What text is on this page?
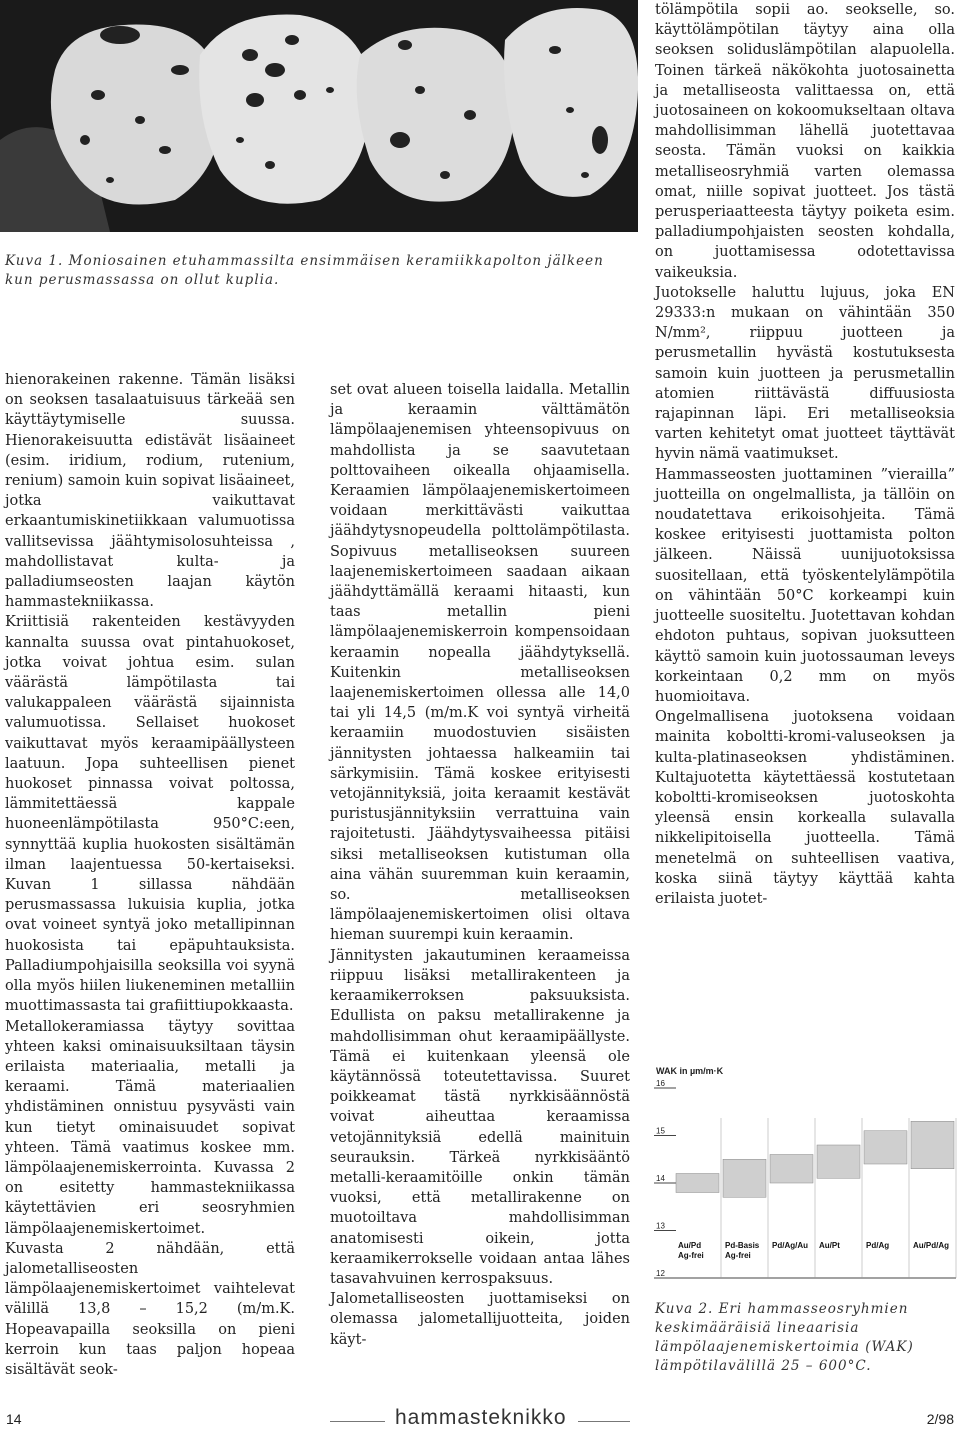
Kuva 1. Moniosainen etuhammassilta ensimmäisen keramiikkapolton jälkeen kun perusmassassa on ollut kuplia.

hienorakeinen rakenne. Tämän lisäksi on seoksen tasalaatuisuus tärkeää sen käyttäytymiselle suussa. Hienorakeisuutta edistävät lisäaineet (esim. iridium, rodium, rutenium, renium) samoin kuin sopivat lisäaineet, jotka vaikuttavat erkaantumiskinetiikkaan valumuotissa vallitsevissa jäähtymisolosuhteissa , mahdollistavat kulta- ja palladiumseosten laajan käytön hammastekniikassa.

Kriittisiä rakenteiden kestävyyden kannalta suussa ovat pintahuokoset, jotka voivat johtua esim. sulan väärästä lämpötilasta tai valukappaleen väärästä sijainnista valumuotissa. Sellaiset huokoset vaikuttavat myös keraamipäällysteen laatuun. Jopa suhteellisen pienet huokoset pinnassa voivat poltossa, lämmitettäessä kappale huoneenlämpötilasta 950°C:een, synnyttää kuplia huokosten sisältämän ilman laajentuessa 50-kertaiseksi. Kuvan 1 sillassa nähdään perusmassassa lukuisia kuplia, jotka ovat voineet syntyä joko metallipinnan huokosista tai epäpuhtauksista. Palladiumpohjaisilla seoksilla voi syynä olla myös hiilen liukeneminen metalliin muottimassasta tai grafiittiupokkaasta.

Metallokeramiassa täytyy sovittaa yhteen kaksi ominaisuuksiltaan täysin erilaista materiaalia, metalli ja keraami. Tämä materiaalien yhdistäminen onnistuu pysyvästi vain kun tietyt ominaisuudet sopivat yhteen. Tämä vaatimus koskee mm. lämpölaajenemiskerrointa. Kuvassa 2 on esitetty hammastekniikassa käytettävien eri seosryhmien lämpölaajenemiskertoimet.

Kuvasta 2 nähdään, että jalometalliseosten lämpölaajenemiskertoimet vaihtelevat välillä 13,8 – 15,2 (m/m.K. Hopeavapailla seoksilla on pieni kerroin kun taas paljon hopeaa sisältävät seok-

set ovat alueen toisella laidalla. Metallin ja keraamin välttämätön lämpölaajenemisen yhteensopivuus on mahdollista ja se saavutetaan polttovaiheen oikealla ohjaamisella. Keraamien lämpölaajenemiskertoimeen voidaan merkittävästi vaikuttaa jäähdytysnopeudella polttolämpötilasta. Sopivuus metalliseoksen suureen laajenemiskertoimeen saadaan aikaan jäähdyttämällä keraami hitaasti, kun taas metallin pieni lämpölaajenemiskerroin kompensoidaan keraamin nopealla jäähdytyksellä. Kuitenkin metalliseoksen laajenemiskertoimen ollessa alle 14,0 tai yli 14,5 (m/m.K voi syntyä virheitä keraamiin muodostuvien sisäisten jännitysten johtaessa halkeamiin tai särkymisiin. Tämä koskee erityisesti vetojännityksiä, joita keraamit kestävät puristusjännityksiin verrattuina vain rajoitetusti. Jäähdytysvaiheessa pitäisi siksi metalliseoksen kutistuman olla aina vähän suuremman kuin keraamin, so. metalliseoksen lämpölaajenemiskertoimen olisi oltava hieman suurempi kuin keraamin.

Jännitysten jakautuminen keraameissa riippuu lisäksi metallirakenteen ja keraamikerroksen paksuuksista. Edullista on paksu metallirakenne ja mahdollisimman ohut keraamipäällyste. Tämä ei kuitenkaan yleensä ole käytännössä toteutettavissa. Suuret poikkeamat tästä nyrkkisäännöstä voivat aiheuttaa keraamissa vetojännityksiä edellä mainituin seurauksin. Tärkeä nyrkkisääntö metalli-keraamitöille onkin tämän vuoksi, että metallirakenne on muotoiltava mahdollisimman anatomisesti oikein, jotta keraamikerrokselle voidaan antaa lähes tasavahvuinen kerrospaksuus.

Jalometalliseosten juottamiseksi on olemassa jalometallijuotteita, joiden käyt-

tölämpötila sopii ao. seokselle, so. käyttölämpötilan täytyy aina olla seoksen soliduslämpötilan alapuolella. Toinen tärkeä näkökohta juotosainetta ja metalliseosta valittaessa on, että juotosaineen on kokoomukseltaan oltava mahdollisimman lähellä juotettavaa seosta. Tämän vuoksi on kaikkia metalliseosryhmiä varten olemassa omat, niille sopivat juotteet. Jos tästä perusperiaatteesta täytyy poiketa esim. palladiumpohjaisten seosten kohdalla, on juottamisessa odotettavissa vaikeuksia.

Juotokselle haluttu lujuus, joka EN 29333:n mukaan on vähintään 350 N/mm², riippuu juotteen ja perusmetallin hyvästä kostutuksesta samoin kuin juotteen ja perusmetallin atomien riittävästä diffuusiosta rajapinnan läpi. Eri metalliseoksia varten kehitetyt omat juotteet täyttävät hyvin nämä vaatimukset.

Hammasseosten juottaminen ”vierailla” juotteilla on ongelmallista, ja tällöin on noudatettava erikoisohjeita. Tämä koskee erityisesti juottamista polton jälkeen. Näissä uunijuotoksissa suositellaan, että työskentelylämpötila on vähintään 50°C korkeampi kuin juotteelle suositeltu. Juotettavan kohdan ehdoton puhtaus, sopivan juoksutteen käyttö samoin kuin juotossauman leveys korkeintaan 0,2 mm on myös huomioitava.

Ongelmallisena juotoksena voidaan mainita koboltti-kromi-valuseoksen ja kulta-platinaseoksen yhdistäminen. Kultajuotetta käytettäessä kostutetaan koboltti-kromiseoksen juotoskohta yleensä ensin korkealla sulavalla nikkelipitoisella juotteella. Tämä menetelmä on suhteellisen vaativa, koska siinä täytyy käyttää kahta erilaista juotet-

WAK in µm/m·K
16
15
14
13
12
Au/Pd
Ag-frei
Pd-Basis
Ag-frei
Pd/Ag/Au Au/Pt	Pd/Ag	Au/Pd/Ag
Kuva 2. Eri hammasseosryhmien keskimääräisiä lineaarisia lämpölaajenemiskertoimia (WAK) lämpötilavälillä 25 – 600°C.
14	hammasteknikko	2/98
